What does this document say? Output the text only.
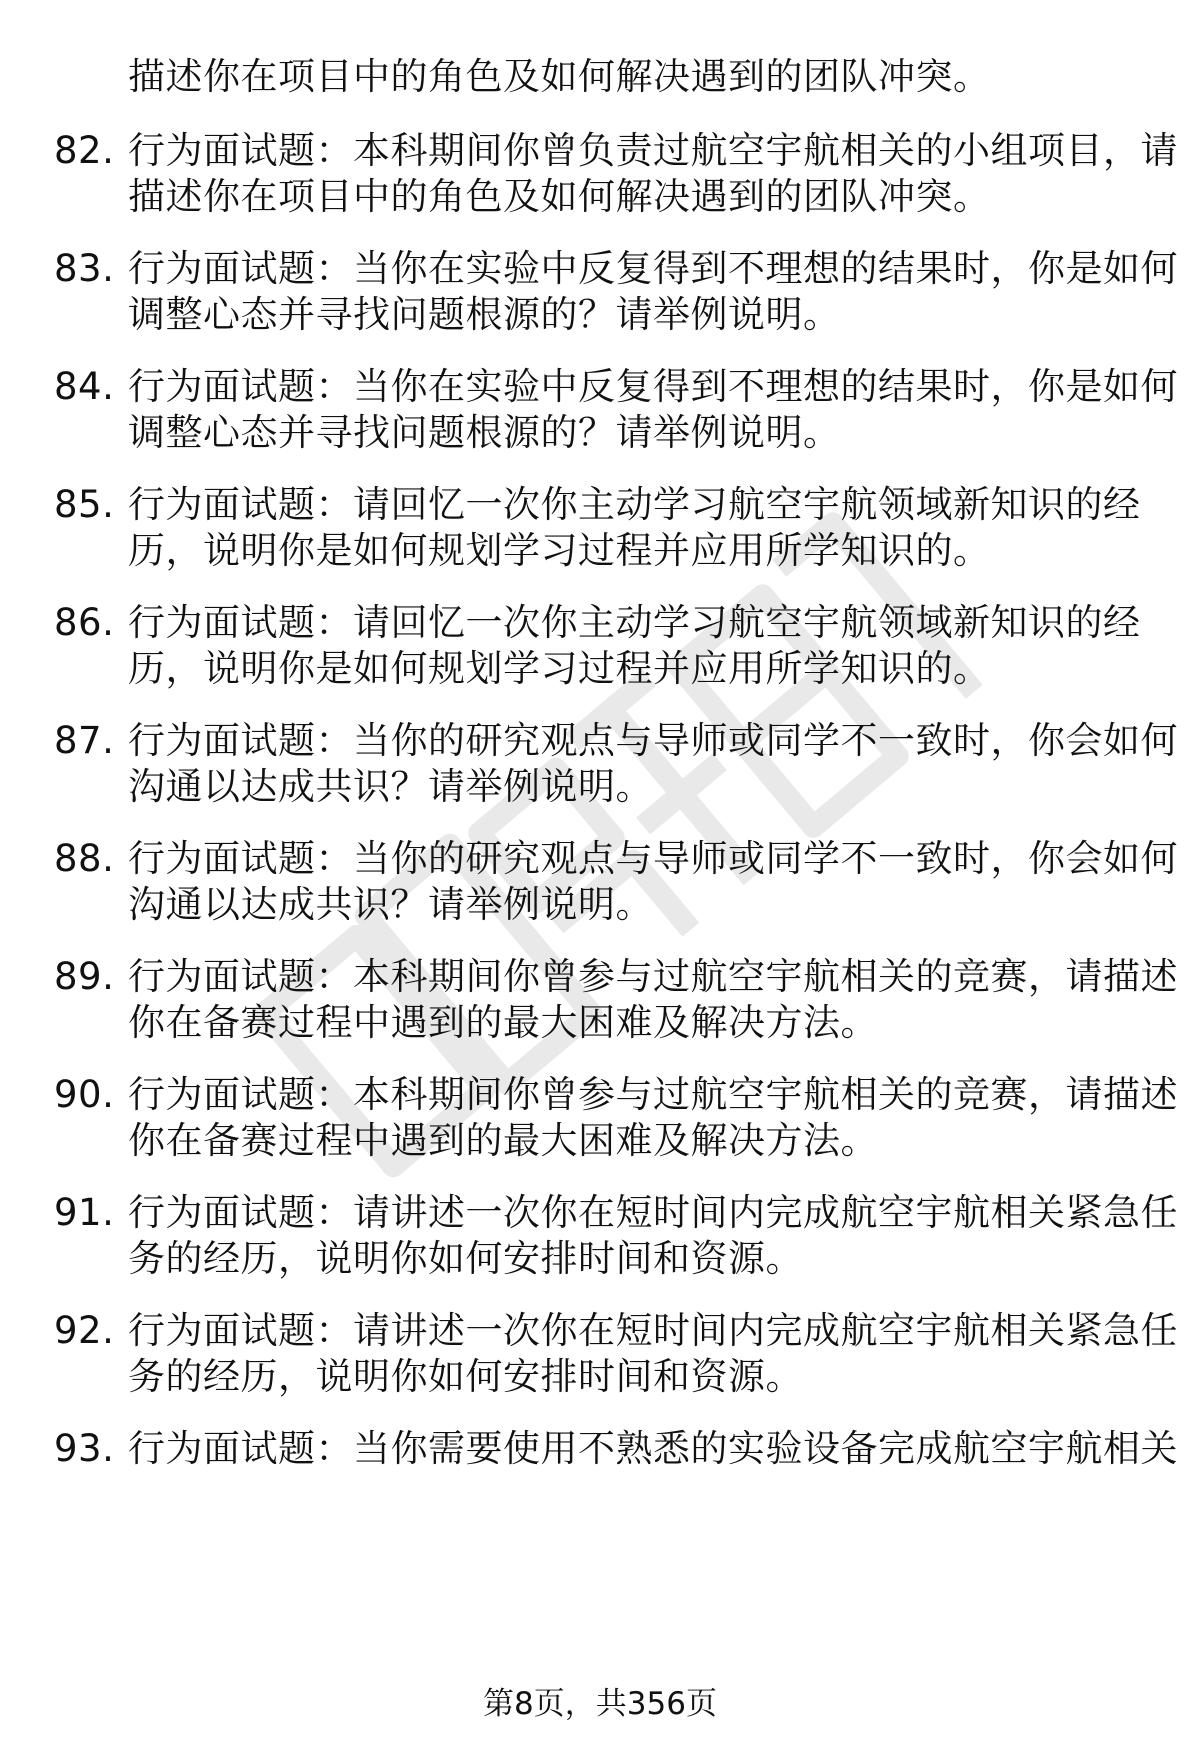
描述你在项目中的角色及如何解决遇到的团队冲突。
82. 行为面试题：本科期间你曾负责过航空宇航相关的小组项目，请
描述你在项目中的角色及如何解决遇到的团队冲突。
83. 行为面试题：当你在实验中反复得到不理想的结果时，你是如何
调整心态并寻找问题根源的？请举例说明。
84. 行为面试题：当你在实验中反复得到不理想的结果时，你是如何
调整心态并寻找问题根源的？请举例说明。
85. 行为面试题：请回忆一次你主动学习航空宇航领域新知识的经
历，说明你是如何规划学习过程并应用所学知识的。
86. 行为面试题：请回忆一次你主动学习航空宇航领域新知识的经
历，说明你是如何规划学习过程并应用所学知识的。
87. 行为面试题：当你的研究观点与导师或同学不一致时，你会如何
沟通以达成共识？请举例说明。
88. 行为面试题：当你的研究观点与导师或同学不一致时，你会如何
沟通以达成共识？请举例说明。
89. 行为面试题：本科期间你曾参与过航空宇航相关的竞赛，请描述
你在备赛过程中遇到的最大困难及解决方法。
90. 行为面试题：本科期间你曾参与过航空宇航相关的竞赛，请描述
你在备赛过程中遇到的最大困难及解决方法。
91. 行为面试题：请讲述一次你在短时间内完成航空宇航相关紧急任
务的经历，说明你如何安排时间和资源。
92. 行为面试题：请讲述一次你在短时间内完成航空宇航相关紧急任
务的经历，说明你如何安排时间和资源。
93. 行为面试题：当你需要使用不熟悉的实验设备完成航空宇航相关
第8页，共356页
